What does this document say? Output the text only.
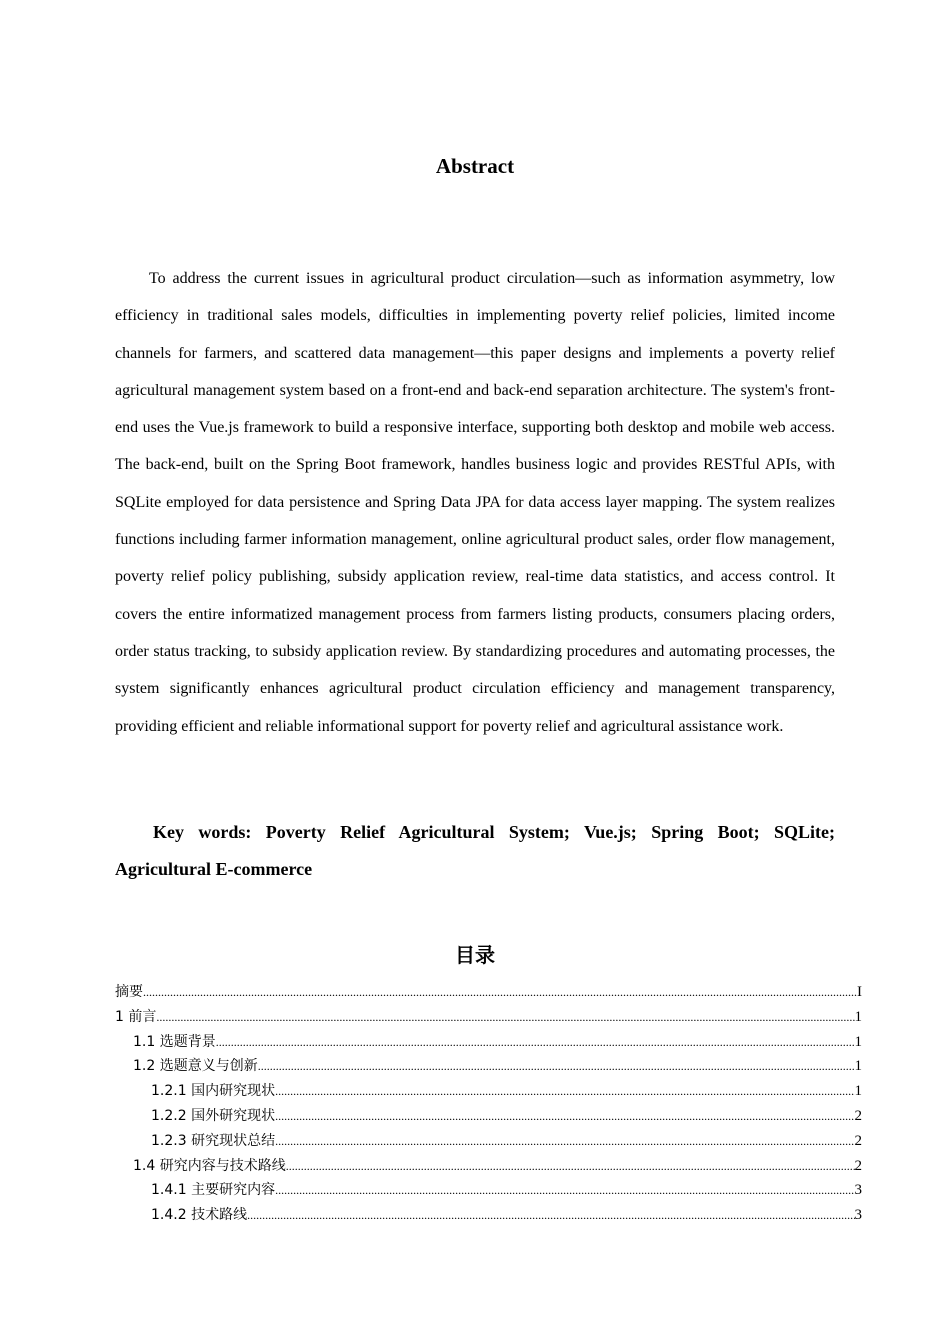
Abstract

To address the current issues in agricultural product circulation—such as information asymmetry, low efficiency in traditional sales models, difficulties in implementing poverty relief policies, limited income channels for farmers, and scattered data management—this paper designs and implements a poverty relief agricultural management system based on a front-end and back-end separation architecture. The system's front-end uses the Vue.js framework to build a responsive interface, supporting both desktop and mobile web access. The back-end, built on the Spring Boot framework, handles business logic and provides RESTful APIs, with SQLite employed for data persistence and Spring Data JPA for data access layer mapping. The system realizes functions including farmer information management, online agricultural product sales, order flow management, poverty relief policy publishing, subsidy application review, real-time data statistics, and access control. It covers the entire informatized management process from farmers listing products, consumers placing orders, order status tracking, to subsidy application review. By standardizing procedures and automating processes, the system significantly enhances agricultural product circulation efficiency and management transparency, providing efficient and reliable informational support for poverty relief and agricultural assistance work.

Key words: Poverty Relief Agricultural System; Vue.js; Spring Boot; SQLite; Agricultural E-commerce

目录
摘要 .....	I
1 前言 .....	1
1.1 选题背景 .....	1
1.2 选题意义与创新 .....	1
1.2.1 国内研究现状 .....	1
1.2.2 国外研究现状 .....	2
1.2.3 研究现状总结 .....	2
1.4 研究内容与技术路线 .....	2
1.4.1 主要研究内容 .....	3
1.4.2 技术路线 .....	3
